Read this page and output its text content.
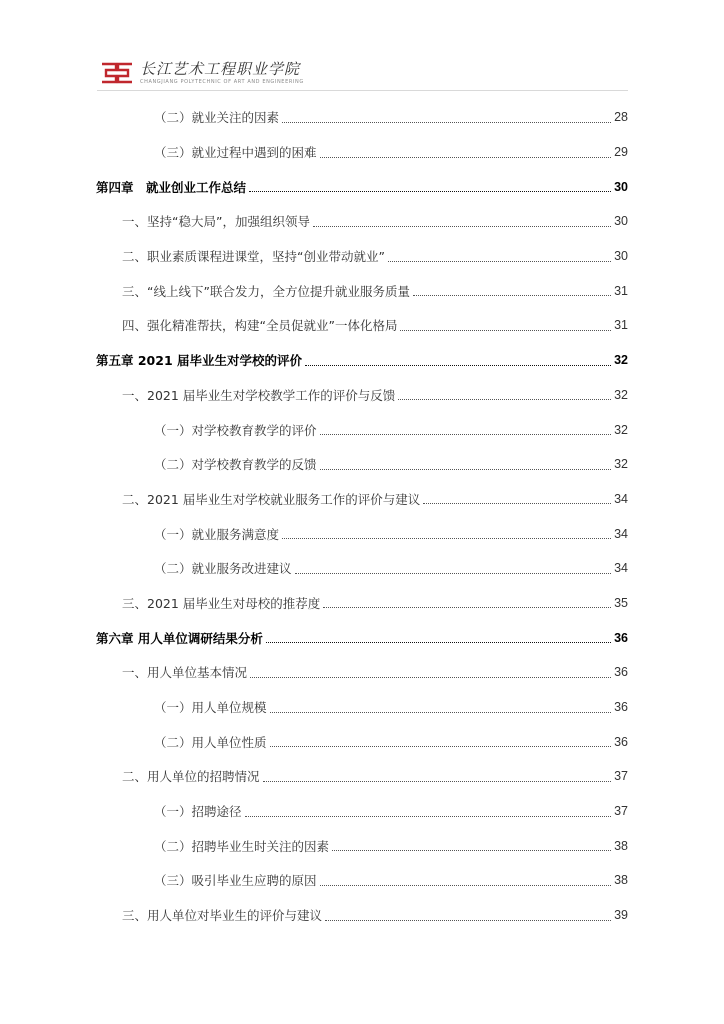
长江艺术工程职业学院
CHANGJIANG POLYTECHNIC OF ART AND ENGINEERING
（二）就业关注的因素	28
（三）就业过程中遇到的困难	29
第四章　就业创业工作总结	30
一、坚持“稳大局”，加强组织领导	30
二、职业素质课程进课堂，坚持“创业带动就业”	30
三、“线上线下”联合发力，全方位提升就业服务质量	31
四、强化精准帮扶，构建“全员促就业”一体化格局	31
第五章 2021 届毕业生对学校的评价	32
一、2021 届毕业生对学校教学工作的评价与反馈	32
（一）对学校教育教学的评价	32
（二）对学校教育教学的反馈	32
二、2021 届毕业生对学校就业服务工作的评价与建议	34
（一）就业服务满意度	34
（二）就业服务改进建议	34
三、2021 届毕业生对母校的推荐度	35
第六章 用人单位调研结果分析	36
一、用人单位基本情况	36
（一）用人单位规模	36
（二）用人单位性质	36
二、用人单位的招聘情况	37
（一）招聘途径	37
（二）招聘毕业生时关注的因素	38
（三）吸引毕业生应聘的原因	38
三、用人单位对毕业生的评价与建议	39
